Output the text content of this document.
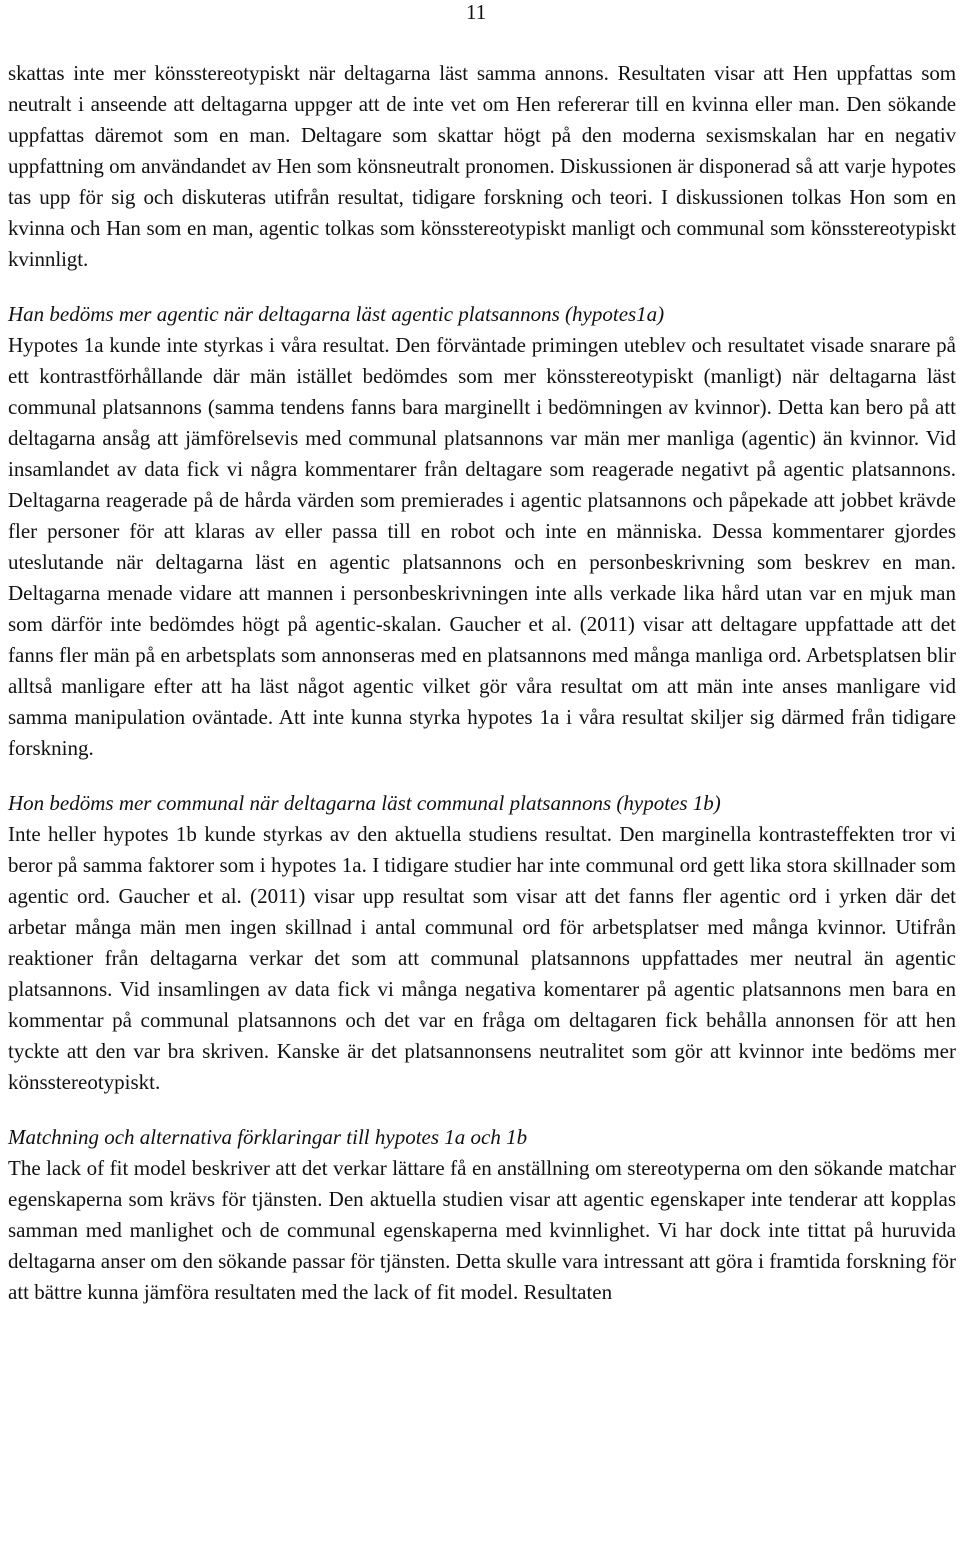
11

skattas inte mer könsstereotypiskt när deltagarna läst samma annons. Resultaten visar att Hen uppfattas som neutralt i anseende att deltagarna uppger att de inte vet om Hen refererar till en kvinna eller man. Den sökande uppfattas däremot som en man. Deltagare som skattar högt på den moderna sexismskalan har en negativ uppfattning om användandet av Hen som könsneutralt pronomen. Diskussionen är disponerad så att varje hypotes tas upp för sig och diskuteras utifrån resultat, tidigare forskning och teori. I diskussionen tolkas Hon som en kvinna och Han som en man, agentic tolkas som könsstereotypiskt manligt och communal som könsstereotypiskt kvinnligt.

Han bedöms mer agentic när deltagarna läst agentic platsannons (hypotes1a)

Hypotes 1a kunde inte styrkas i våra resultat. Den förväntade primingen uteblev och resultatet visade snarare på ett kontrastförhållande där män istället bedömdes som mer könsstereotypiskt (manligt) när deltagarna läst communal platsannons (samma tendens fanns bara marginellt i bedömningen av kvinnor). Detta kan bero på att deltagarna ansåg att jämförelsevis med communal platsannons var män mer manliga (agentic) än kvinnor. Vid insamlandet av data fick vi några kommentarer från deltagare som reagerade negativt på agentic platsannons. Deltagarna reagerade på de hårda värden som premierades i agentic platsannons och påpekade att jobbet krävde fler personer för att klaras av eller passa till en robot och inte en människa. Dessa kommentarer gjordes uteslutande när deltagarna läst en agentic platsannons och en personbeskrivning som beskrev en man. Deltagarna menade vidare att mannen i personbeskrivningen inte alls verkade lika hård utan var en mjuk man som därför inte bedömdes högt på agentic-skalan. Gaucher et al. (2011) visar att deltagare uppfattade att det fanns fler män på en arbetsplats som annonseras med en platsannons med många manliga ord. Arbetsplatsen blir alltså manligare efter att ha läst något agentic vilket gör våra resultat om att män inte anses manligare vid samma manipulation oväntade. Att inte kunna styrka hypotes 1a i våra resultat skiljer sig därmed från tidigare forskning.

Hon bedöms mer communal när deltagarna läst communal platsannons (hypotes 1b)

Inte heller hypotes 1b kunde styrkas av den aktuella studiens resultat. Den marginella kontrasteffekten tror vi beror på samma faktorer som i hypotes 1a. I tidigare studier har inte communal ord gett lika stora skillnader som agentic ord. Gaucher et al. (2011) visar upp resultat som visar att det fanns fler agentic ord i yrken där det arbetar många män men ingen skillnad i antal communal ord för arbetsplatser med många kvinnor. Utifrån reaktioner från deltagarna verkar det som att communal platsannons uppfattades mer neutral än agentic platsannons. Vid insamlingen av data fick vi många negativa komentarer på agentic platsannons men bara en kommentar på communal platsannons och det var en fråga om deltagaren fick behålla annonsen för att hen tyckte att den var bra skriven. Kanske är det platsannonsens neutralitet som gör att kvinnor inte bedöms mer könsstereotypiskt.

Matchning och alternativa förklaringar till hypotes 1a och 1b

The lack of fit model beskriver att det verkar lättare få en anställning om stereotyperna om den sökande matchar egenskaperna som krävs för tjänsten. Den aktuella studien visar att agentic egenskaper inte tenderar att kopplas samman med manlighet och de communal egenskaperna med kvinnlighet. Vi har dock inte tittat på huruvida deltagarna anser om den sökande passar för tjänsten. Detta skulle vara intressant att göra i framtida forskning för att bättre kunna jämföra resultaten med the lack of fit model. Resultaten
